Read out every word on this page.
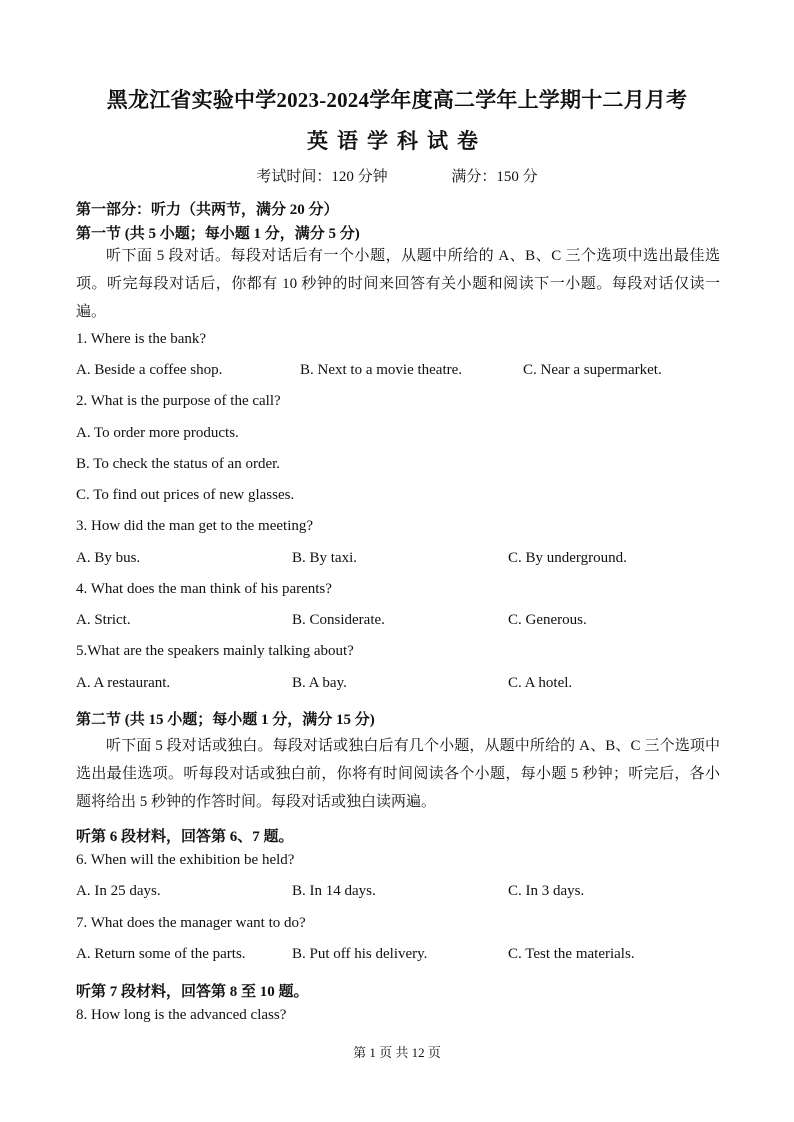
黑龙江省实验中学2023-2024学年度高二学年上学期十二月月考
英语学科试卷
考试时间：120 分钟	满分：150 分
第一部分：听力（共两节，满分 20 分）
第一节 (共 5 小题；每小题 1 分，满分 5 分)
听下面 5 段对话。每段对话后有一个小题，从题中所给的 A、B、C 三个选项中选出最佳选项。听完每段对话后，你都有 10 秒钟的时间来回答有关小题和阅读下一小题。每段对话仅读一遍。
1. Where is the bank?
A. Beside a coffee shop.	B. Next to a movie theatre.	C. Near a supermarket.
2. What is the purpose of the call?
A. To order more products.
B. To check the status of an order.
C. To find out prices of new glasses.
3. How did the man get to the meeting?
A. By bus.	B. By taxi.	C. By underground.
4. What does the man think of his parents?
A. Strict.	B. Considerate.	C. Generous.
5.What are the speakers mainly talking about?
A. A restaurant.	B. A bay.	C. A hotel.
第二节 (共 15 小题；每小题 1 分，满分 15 分)
听下面 5 段对话或独白。每段对话或独白后有几个小题，从题中所给的 A、B、C 三个选项中选出最佳选项。听每段对话或独白前，你将有时间阅读各个小题，每小题 5 秒钟；听完后，各小题将给出 5 秒钟的作答时间。每段对话或独白读两遍。
听第 6 段材料，回答第 6、7 题。
6. When will the exhibition be held?
A. In 25 days.	B. In 14 days.	C. In 3 days.
7. What does the manager want to do?
A. Return some of the parts.	B. Put off his delivery.	C. Test the materials.
听第 7 段材料，回答第 8 至 10 题。
8. How long is the advanced class?
第 1 页 共 12 页
